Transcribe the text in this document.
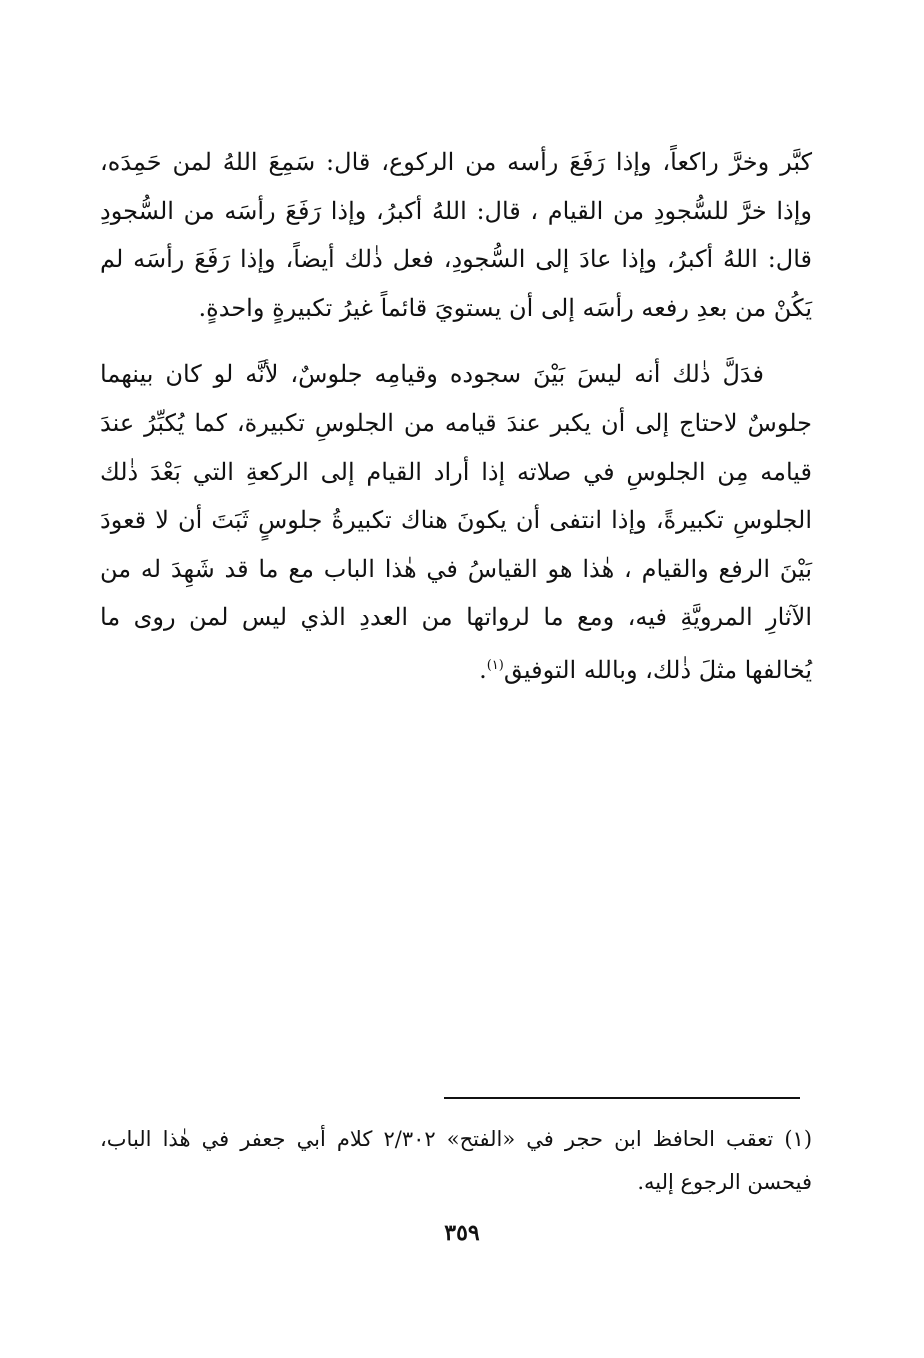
كبَّر وخرَّ راكعاً، وإذا رَفَعَ رأسه من الركوع، قال: سَمِعَ اللهُ لمن حَمِدَه، وإذا خرَّ للسُّجودِ من القيام ، قال: اللهُ أكبرُ، وإذا رَفَعَ رأسَه من السُّجودِ قال: اللهُ أكبرُ، وإذا عادَ إلى السُّجودِ، فعل ذٰلك أيضاً، وإذا رَفَعَ رأسَه لم يَكُنْ من بعدِ رفعه رأسَه إلى أن يستويَ قائماً غيرُ تكبيرةٍ واحدةٍ.

فدَلَّ ذٰلك أنه ليسَ بَيْنَ سجوده وقيامِه جلوسٌ، لأنَّه لو كان بينهما جلوسٌ لاحتاج إلى أن يكبر عندَ قيامه من الجلوسِ تكبيرة، كما يُكبِّرُ عندَ قيامه مِن الجلوسِ في صلاته إذا أراد القيام إلى الركعةِ التي بَعْدَ ذٰلك الجلوسِ تكبيرةً، وإذا انتفى أن يكونَ هناك تكبيرةُ جلوسٍ ثَبَتَ أن لا قعودَ بَيْنَ الرفع والقيام ، هٰذا هو القياسُ في هٰذا الباب مع ما قد شَهِدَ له من الآثارِ المرويَّةِ فيه، ومع ما لرواتها من العددِ الذي ليس لمن روى ما يُخالفها مثلَ ذٰلك، وبالله التوفيق$^{(١)}$.

(١) تعقب الحافظ ابن حجر في «الفتح» ٢/٣٠٢ كلام أبي جعفر في هٰذا الباب، فيحسن الرجوع إليه.

٣٥٩
